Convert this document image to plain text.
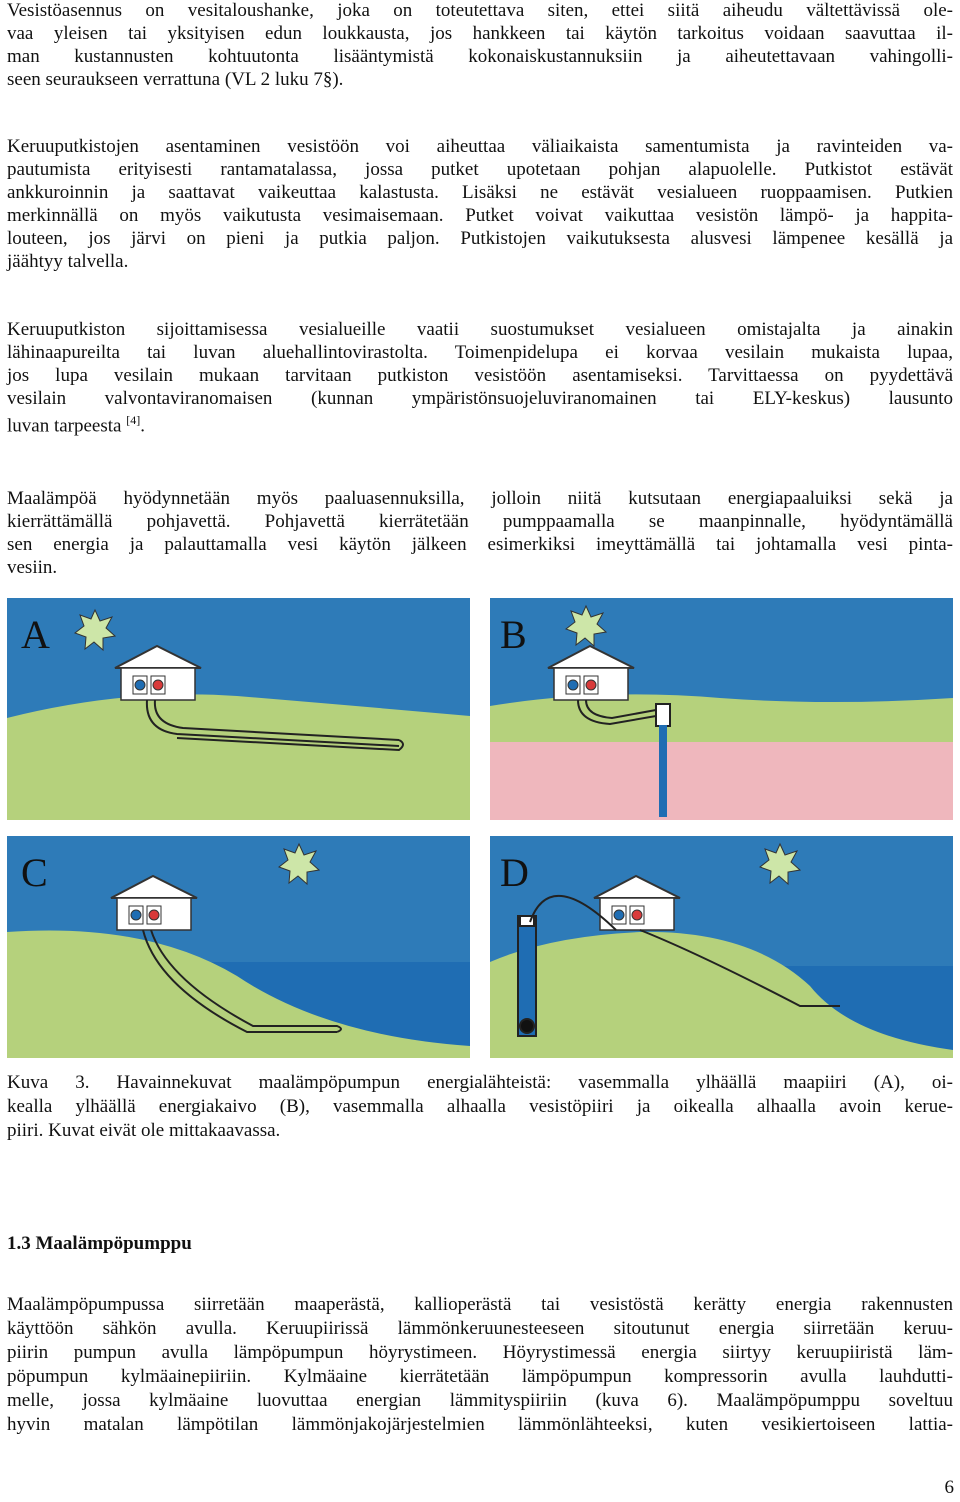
Vesistöasennus on vesitaloushanke, joka on toteutettava siten, ettei siitä aiheudu vältettävissä ole-
vaa yleisen tai yksityisen edun loukkausta, jos hankkeen tai käytön tarkoitus voidaan saavuttaa il-
man kustannusten kohtuutonta lisääntymistä kokonaiskustannuksiin ja aiheutettavaan vahingolli-
seen seuraukseen verrattuna (VL 2 luku 7§).
Keruuputkistojen asentaminen vesistöön voi aiheuttaa väliaikaista samentumista ja ravinteiden va-
pautumista erityisesti rantamatalassa, jossa putket upotetaan pohjan alapuolelle. Putkistot estävät
ankkuroinnin ja saattavat vaikeuttaa kalastusta. Lisäksi ne estävät vesialueen ruoppaamisen. Putkien
merkinnällä on myös vaikutusta vesimaisemaan. Putket voivat vaikuttaa vesistön lämpö- ja happita-
louteen, jos järvi on pieni ja putkia paljon. Putkistojen vaikutuksesta alusvesi lämpenee kesällä ja
jäähtyy talvella.
Keruuputkiston sijoittamisessa vesialueille vaatii suostumukset vesialueen omistajalta ja ainakin
lähinaapureilta tai luvan aluehallintovirastolta. Toimenpidelupa ei korvaa vesilain mukaista lupaa,
jos lupa vesilain mukaan tarvitaan putkiston vesistöön asentamiseksi. Tarvittaessa on pyydettävä
vesilain valvontaviranomaisen (kunnan ympäristönsuojeluviranomainen tai ELY-keskus) lausunto
luvan tarpeesta [4].
Maalämpöä hyödynnetään myös paaluasennuksilla, jolloin niitä kutsutaan energiapaaluiksi sekä ja
kierrättämällä pohjavettä. Pohjavettä kierrätetään pumppaamalla se maanpinnalle, hyödyntämällä
sen energia ja palauttamalla vesi käytön jälkeen esimerkiksi imeyttämällä tai johtamalla vesi pinta-
vesiin.
A	B
C	D
Kuva 3. Havainnekuvat maalämpöpumpun energialähteistä: vasemmalla ylhäällä maapiiri (A), oi-
kealla ylhäällä energiakaivo (B), vasemmalla alhaalla vesistöpiiri ja oikealla alhaalla avoin kerue-
piiri. Kuvat eivät ole mittakaavassa.
1.3 Maalämpöpumppu
Maalämpöpumpussa siirretään maaperästä, kallioperästä tai vesistöstä kerätty energia rakennusten
käyttöön sähkön avulla. Keruupiirissä lämmönkeruunesteeseen sitoutunut energia siirretään keruu-
piirin pumpun avulla lämpöpumpun höyrystimeen. Höyrystimessä energia siirtyy keruupiiristä läm-
pöpumpun kylmäainepiiriin. Kylmäaine kierrätetään lämpöpumpun kompressorin avulla lauhdutti-
melle, jossa kylmäaine luovuttaa energian lämmityspiiriin (kuva 6). Maalämpöpumppu soveltuu
hyvin matalan lämpötilan lämmönjakojärjestelmien lämmönlähteeksi, kuten vesikiertoiseen lattia-
6
